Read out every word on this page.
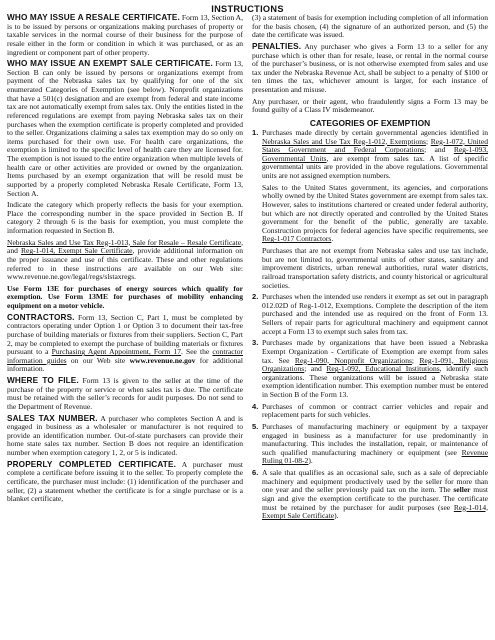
INSTRUCTIONS

WHO MAY ISSUE A RESALE CERTIFICATE. Form 13, Section A, is to be issued by persons or organizations making purchases of property or taxable services in the normal course of their business for the purpose of resale either in the form or condition in which it was purchased, or as an ingredient or component part of other property.

WHO MAY ISSUE AN EXEMPT SALE CERTIFICATE. Form 13, Section B can only be issued by persons or organizations exempt from payment of the Nebraska sales tax by qualifying for one of the six enumerated Categories of Exemption (see below). Nonprofit organizations that have a 501(c) designation and are exempt from federal and state income tax are not automatically exempt from sales tax. Only the entities listed in the referenced regulations are exempt from paying Nebraska sales tax on their purchases when the exemption certificate is properly completed and provided to the seller. Organizations claiming a sales tax exemption may do so only on items purchased for their own use. For health care organizations, the exemption is limited to the specific level of health care they are licensed for. The exemption is not issued to the entire organization when multiple levels of health care or other activities are provided or owned by the organization. Items purchased by an exempt organization that will be resold must be supported by a properly completed Nebraska Resale Certificate, Form 13, Section A.

Indicate the category which properly reflects the basis for your exemption. Place the corresponding number in the space provided in Section B. If category 2 through 6 is the basis for exemption, you must complete the information requested in Section B.

Nebraska Sales and Use Tax Reg-1-013, Sale for Resale – Resale Certificate, and Reg-1-014, Exempt Sale Certificate, provide additional information on the proper issuance and use of this certificate. These and other regulations referred to in these instructions are available on our Web site: www.revenue.ne.gov/legal/regs/slstaxregs.

Use Form 13E for purchases of energy sources which qualify for exemption. Use Form 13ME for purchases of mobility enhancing equipment on a motor vehicle.

CONTRACTORS. Form 13, Section C, Part 1, must be completed by contractors operating under Option 1 or Option 3 to document their tax-free purchase of building materials or fixtures from their suppliers. Section C, Part 2, may be completed to exempt the purchase of building materials or fixtures pursuant to a Purchasing Agent Appointment, Form 17. See the contractor information guides on our Web site www.revenue.ne.gov for additional information.

WHERE TO FILE. Form 13 is given to the seller at the time of the purchase of the property or service or when sales tax is due. The certificate must be retained with the seller’s records for audit purposes. Do not send to the Department of Revenue.

SALES TAX NUMBER. A purchaser who completes Section A and is engaged in business as a wholesaler or manufacturer is not required to provide an identification number. Out-of-state purchasers can provide their home state sales tax number. Section B does not require an identification number when exemption category 1, 2, or 5 is indicated.

PROPERLY COMPLETED CERTIFICATE. A purchaser must complete a certificate before issuing it to the seller. To properly complete the certificate, the purchaser must include: (1) identification of the purchaser and seller, (2) a statement whether the certificate is for a single purchase or is a blanket certificate,

(3) a statement of basis for exemption including completion of all information for the basis chosen, (4) the signature of an authorized person, and (5) the date the certificate was issued.

PENALTIES. Any purchaser who gives a Form 13 to a seller for any purchase which is other than for resale, lease, or rental in the normal course of the purchaser’s business, or is not otherwise exempted from sales and use tax under the Nebraska Revenue Act, shall be subject to a penalty of $100 or ten times the tax, whichever amount is larger, for each instance of presentation and misuse.

Any purchaser, or their agent, who fraudulently signs a Form 13 may be found guilty of a Class IV misdemeanor.

CATEGORIES OF EXEMPTION
1. Purchases made directly by certain governmental agencies identified in Nebraska Sales and Use Tax Reg-1-012, Exemptions; Reg-1-072, United States Government and Federal Corporations; and Reg-1-093, Governmental Units, are exempt from sales tax. A list of specific governmental units are provided in the above regulations. Governmental units are not assigned exemption numbers.

Sales to the United States government, its agencies, and corporations wholly owned by the United States government are exempt from sales tax. However, sales to institutions chartered or created under federal authority, but which are not directly operated and controlled by the United States government for the benefit of the public, generally are taxable. Construction projects for federal agencies have specific requirements, see Reg-1-017 Contractors.

Purchases that are not exempt from Nebraska sales and use tax include, but are not limited to, governmental units of other states, sanitary and improvement districts, urban renewal authorities, rural water districts, railroad transportation safety districts, and county historical or agricultural societies.

2. Purchases when the intended use renders it exempt as set out in paragraph 012.02D of Reg-1-012, Exemptions. Complete the description of the item purchased and the intended use as required on the front of Form 13. Sellers of repair parts for agricultural machinery and equipment cannot accept a Form 13 to exempt such sales from tax.

3. Purchases made by organizations that have been issued a Nebraska Exempt Organization - Certificate of Exemption are exempt from sales tax. See Reg-1-090, Nonprofit Organizations; Reg-1-091, Religious Organizations; and Reg-1-092, Educational Institutions, identify such organizations. These organizations will be issued a Nebraska state exemption identification number. This exemption number must be entered in Section B of the Form 13.

4. Purchases of common or contract carrier vehicles and repair and replacement parts for such vehicles.

5. Purchases of manufacturing machinery or equipment by a taxpayer engaged in business as a manufacturer for use predominantly in manufacturing. This includes the installation, repair, or maintenance of such qualified manufacturing machinery or equipment (see Revenue Ruling 01-08-2).

6. A sale that qualifies as an occasional sale, such as a sale of depreciable machinery and equipment productively used by the seller for more than one year and the seller previously paid tax on the item. The seller must sign and give the exemption certificate to the purchaser. The certificate must be retained by the purchaser for audit purposes (see Reg-1-014, Exempt Sale Certificate).
